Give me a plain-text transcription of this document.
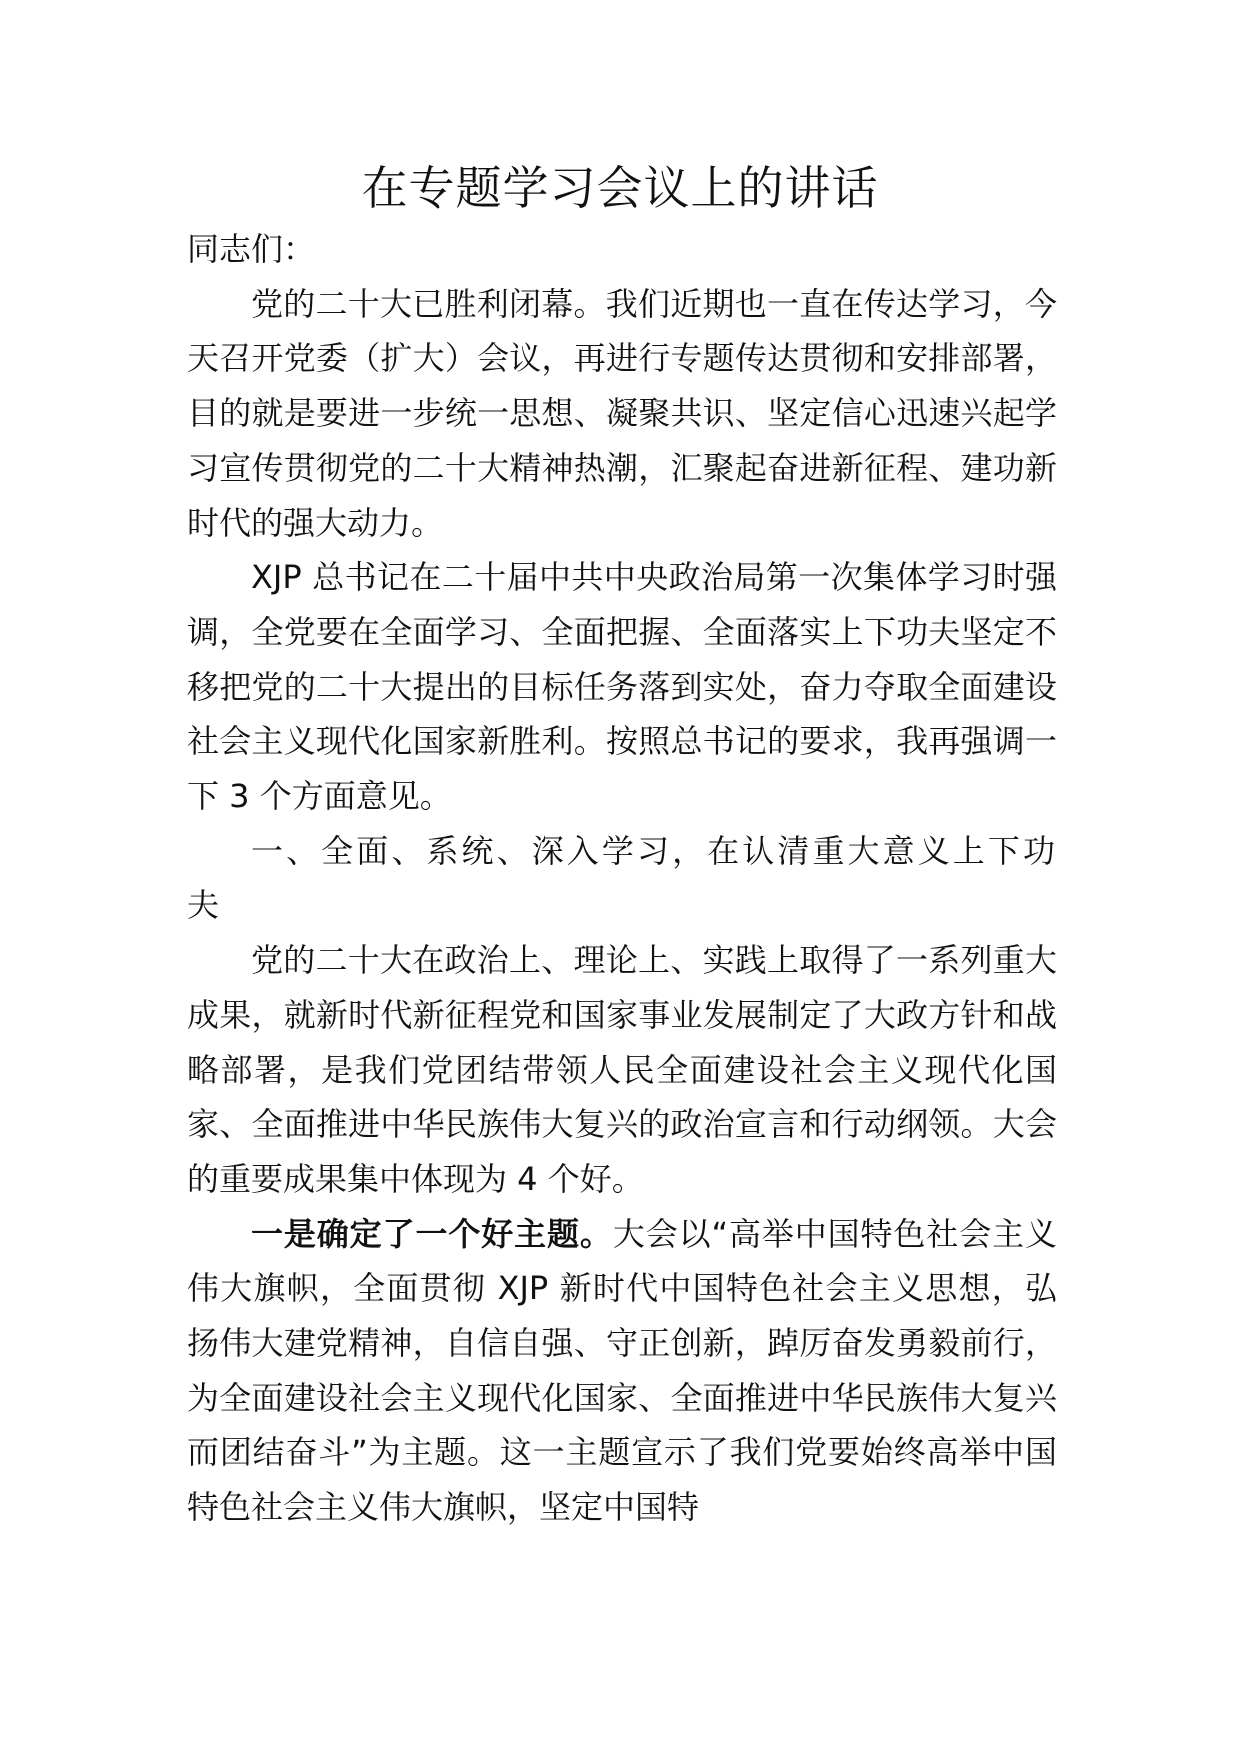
在专题学习会议上的讲话

同志们：

党的二十大已胜利闭幕。我们近期也一直在传达学习，今天召开党委（扩大）会议，再进行专题传达贯彻和安排部署，目的就是要进一步统一思想、凝聚共识、坚定信心迅速兴起学习宣传贯彻党的二十大精神热潮，汇聚起奋进新征程、建功新时代的强大动力。

XJP 总书记在二十届中共中央政治局第一次集体学习时强调，全党要在全面学习、全面把握、全面落实上下功夫坚定不移把党的二十大提出的目标任务落到实处，奋力夺取全面建设社会主义现代化国家新胜利。按照总书记的要求，我再强调一下 3 个方面意见。

一、全面、系统、深入学习，在认清重大意义上下功夫

党的二十大在政治上、理论上、实践上取得了一系列重大成果，就新时代新征程党和国家事业发展制定了大政方针和战略部署，是我们党团结带领人民全面建设社会主义现代化国家、全面推进中华民族伟大复兴的政治宣言和行动纲领。大会的重要成果集中体现为 4 个好。

一是确定了一个好主题。大会以“高举中国特色社会主义伟大旗帜，全面贯彻 XJP 新时代中国特色社会主义思想，弘扬伟大建党精神，自信自强、守正创新，踔厉奋发勇毅前行，为全面建设社会主义现代化国家、全面推进中华民族伟大复兴而团结奋斗”为主题。这一主题宣示了我们党要始终高举中国特色社会主义伟大旗帜，坚定中国特
